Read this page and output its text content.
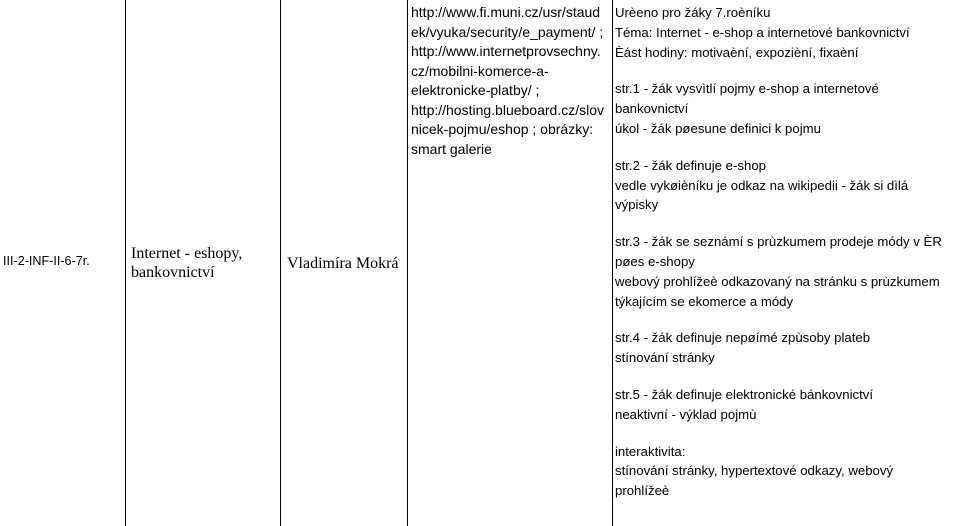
III-2-INF-II-6-7r.	Internet - eshopy,
bankovnictví
Vladimíra Mokrá
http://www.fi.muni.cz/usr/staud
ek/vyuka/security/e_payment/ ;
http://www.internetprovsechny.
cz/mobilni-komerce-a-
elektronicke-platby/ ;
http://hosting.blueboard.cz/slov
nicek-pojmu/eshop ; obrázky:
smart galerie
Urèeno pro žáky 7.roèníku
Téma: Internet - e-shop a internetové bankovnictví
Èást hodiny: motivaèní, expozièní, fixaèní
str.1 - žák vysvìtlí pojmy e-shop a internetové
bankovnictví
úkol - žák pøesune definici k pojmu
str.2 - žák definuje e-shop
vedle vykøièníku je odkaz na wikipedii - žák si dìlá
výpisky
str.3 - žák se seznámí s prùzkumem prodeje módy v ÈR
pøes e-shopy
webový prohlížeè odkazovaný na stránku s prùzkumem
týkajícím se ekomerce a módy
str.4 - žák definuje nepøímé zpùsoby plateb
stínování stránky
str.5 - žák definuje elektronické bánkovnictví
neaktivní - výklad pojmù
interaktivita:
stínování stránky, hypertextové odkazy, webový
prohlížeè
